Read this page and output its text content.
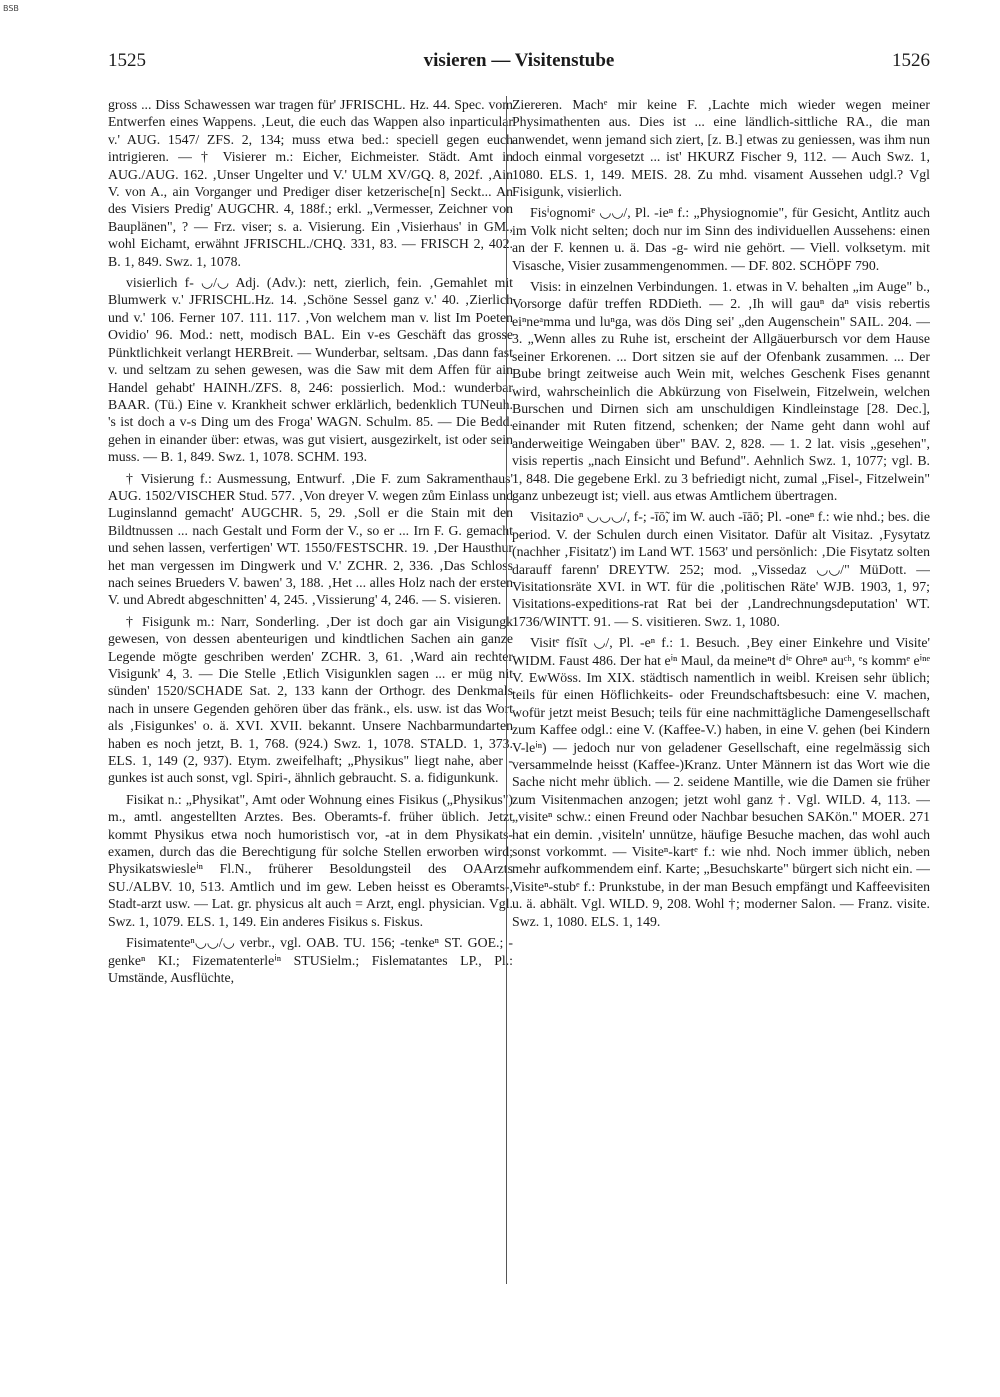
BSB
1525	visieren — Visitenstube	1526

gross ... Diss Schawessen war tragen für' JFRISCHL. Hz. 44. Spec. vom Entwerfen eines Wappens. ‚Leut, die euch das Wappen also inparticular v.' AUG. 1547/ ZFS. 2, 134; muss etwa bed.: speciell gegen euch intrigieren. — † Visierer m.: Eicher, Eichmeister. Städt. Amt in AUG./AUG. 162. ‚Unser Ungelter und V.' ULM XV/GQ. 8, 202f. ‚Ain V. von A., ain Vorganger und Prediger diser ketzerische[n] Seckt... An des Visiers Predig' AUGCHR. 4, 188f.; erkl. „Vermesser, Zeichner von Bauplänen", ? — Frz. viser; s. a. Visierung. Ein ‚Visierhaus' in GM., wohl Eichamt, erwähnt JFRISCHL./CHQ. 331, 83. — FRISCH 2, 402. B. 1, 849. Swz. 1, 1078.

visierlich f- ◡/◡ Adj. (Adv.): nett, zierlich, fein. ‚Gemahlet mit Blumwerk v.' JFRISCHL.Hz. 14. ‚Schöne Sessel ganz v.' 40. ‚Zierlich und v.' 106. Ferner 107. 111. 117. ‚Von welchem man v. list Im Poeten Ovidio' 96. Mod.: nett, modisch BAL. Ein v-es Geschäft das grosse Pünktlichkeit verlangt HERBreit. — Wunderbar, seltsam. ‚Das dann fast v. und seltzam zu sehen gewesen, was die Saw mit dem Affen für ain Handel gehabt' HAINH./ZFS. 8, 246: possierlich. Mod.: wunderbar BAAR. (Tü.) Eine v. Krankheit schwer erklärlich, bedenklich TUNeuh. 's ist doch a v-s Ding um des Froga' WAGN. Schulm. 85. — Die Bedd. gehen in einander über: etwas, was gut visiert, ausgezirkelt, ist oder sein muss. — B. 1, 849. Swz. 1, 1078. SCHM. 193.

† Visierung f.: Ausmessung, Entwurf. ‚Die F. zum Sakramenthaus' AUG. 1502/VISCHER Stud. 577. ‚Von dreyer V. wegen zům Einlass und Luginslannd gemacht' AUGCHR. 5, 29. ‚Soll er die Stain mit den Bildtnussen ... nach Gestalt und Form der V., so er ... Irn F. G. gemacht und sehen lassen, verfertigen' WT. 1550/FESTSCHR. 19. ‚Der Hausthur het man vergessen im Dingwerk und V.' ZCHR. 2, 336. ‚Das Schloss nach seines Brueders V. bawen' 3, 188. ‚Het ... alles Holz nach der ersten V. und Abredt abgeschnitten' 4, 245. ‚Vissierung' 4, 246. — S. visieren.

† Fisigunk m.: Narr, Sonderling. ‚Der ist doch gar ain Visigungk gewesen, von dessen abenteurigen und kindtlichen Sachen ain ganze Legende mögte geschriben werden' ZCHR. 3, 61. ‚Ward ain rechter Visigunk' 4, 3. — Die Stelle ‚Etlich Visigunklen sagen ... er müg nit sünden' 1520/SCHADE Sat. 2, 133 kann der Orthogr. des Denkmals nach in unsere Gegenden gehören über das fränk., els. usw. ist das Wort als ‚Fisigunkes' o. ä. XVI. XVII. bekannt. Unsere Nachbarmundarten haben es noch jetzt, B. 1, 768. (924.) Swz. 1, 1078. STALD. 1, 373. ELS. 1, 149 (2, 937). Etym. zweifelhaft; „Physikus" liegt nahe, aber -gunkes ist auch sonst, vgl. Spiri-, ähnlich gebraucht. S. a. fidigunkunk.

Fisikat n.: „Physikat", Amt oder Wohnung eines Fisikus („Physikus") m., amtl. angestellten Arztes. Bes. Oberamts-f. früher üblich. Jetzt kommt Physikus etwa noch humoristisch vor, -at in dem Physikats-examen, durch das die Berechtigung für solche Stellen erworben wird; Physikatswiesleⁱⁿ Fl.N., früherer Besoldungsteil des OAArzts SU./ALBV. 10, 513. Amtlich und im gew. Leben heisst es Oberamts-, Stadt-arzt usw. — Lat. gr. physicus alt auch = Arzt, engl. physician. Vgl. Swz. 1, 1079. ELS. 1, 149. Ein anderes Fisikus s. Fiskus.

Fisimatenteⁿ◡◡/◡ verbr., vgl. OAB. TU. 156; -tenkeⁿ ST. GOE.; -genkeⁿ KI.; Fizematenterleⁱⁿ STUSielm.; Fislematantes LP., Pl.: Umstände, Ausflüchte,

Ziereren. Machᵉ mir keine F. ‚Lachte mich wieder wegen meiner Physimathenten aus. Dies ist ... eine ländlich-sittliche RA., die man anwendet, wenn jemand sich ziert, [z. B.] etwas zu geniessen, was ihm nun doch einmal vorgesetzt ... ist' HKURZ Fischer 9, 112. — Auch Swz. 1, 1080. ELS. 1, 149. MEIS. 28. Zu mhd. visament Aussehen udgl.? Vgl Fisigunk, visierlich.

Fisⁱognomiᵉ ◡◡/, Pl. -ieⁿ f.: „Physiognomie", für Gesicht, Antlitz auch im Volk nicht selten; doch nur im Sinn des individuellen Aussehens: einen an der F. kennen u. ä. Das -g- wird nie gehört. — Viell. volksetym. mit Visasche, Visier zusammengenommen. — DF. 802. SCHÖPF 790.

Visis: in einzelnen Verbindungen. 1. etwas in V. behalten „im Auge" b., Vorsorge dafür treffen RDDieth. — 2. ‚Ih will gauⁿ daⁿ visis rebertis eiⁿneᵃmma und luⁿga, was dös Ding sei' „den Augenschein" SAIL. 204. — 3. „Wenn alles zu Ruhe ist, erscheint der Allgäuerbursch vor dem Hause seiner Erkorenen. ... Dort sitzen sie auf der Ofenbank zusammen. ... Der Bube bringt zeitweise auch Wein mit, welches Geschenk Fises genannt wird, wahrscheinlich die Abkürzung von Fiselwein, Fitzelwein, welchen Burschen und Dirnen sich am unschuldigen Kindleinstage [28. Dec.], einander mit Ruten fitzend, schenken; der Name geht dann wohl auf anderweitige Weingaben über" BAV. 2, 828. — 1. 2 lat. visis „gesehen", visis repertis „nach Einsicht und Befund". Aehnlich Swz. 1, 1077; vgl. B. 1, 848. Die gegebene Erkl. zu 3 befriedigt nicht, zumal „Fisel-, Fitzelwein" ganz unbezeugt ist; viell. aus etwas Amtlichem übertragen.

Visitazioⁿ ◡◡◡/, f-; -īō̃, im W. auch -īāō; Pl. -oneⁿ f.: wie nhd.; bes. die period. V. der Schulen durch einen Visitator. Dafür alt Visitaz. ‚Fysytatz (nachher ‚Fisitatz') im Land WT. 1563' und persönlich: ‚Die Fisytatz solten darauff farenn' DREYTW. 252; mod. „Vissedaz ◡◡/" MüDott. — Visitationsräte XVI. in WT. für die ‚politischen Räte' WJB. 1903, 1, 97; Visitations-expeditions-rat Rat bei der ‚Landrechnungsdeputation' WT. 1736/WINTT. 91. — S. visitieren. Swz. 1, 1080.

Visitᵉ fĭsīt ◡/, Pl. -eⁿ f.: 1. Besuch. ‚Bey einer Einkehre und Visite' WIDM. Faust 486. Der hat eⁱⁿ Maul, da meineⁿt dⁱᵉ Ohreⁿ auᶜʰ, ᵉs kommᵉ eⁱⁿᵉ V. EwWöss. Im XIX. städtisch namentlich in weibl. Kreisen sehr üblich; teils für einen Höflichkeits- oder Freundschaftsbesuch: eine V. machen, wofür jetzt meist Besuch; teils für eine nachmittägliche Damengesellschaft zum Kaffee odgl.: eine V. (Kaffee-V.) haben, in eine V. gehen (bei Kindern V-leⁱⁿ) — jedoch nur von geladener Gesellschaft, eine regelmässig sich versammelnde heisst (Kaffee-)Kranz. Unter Männern ist das Wort wie die Sache nicht mehr üblich. — 2. seidene Mantille, wie die Damen sie früher zum Visitenmachen anzogen; jetzt wohl ganz †. Vgl. WILD. 4, 113. — „visiteⁿ schw.: einen Freund oder Nachbar besuchen SAKön." MOER. 271 hat ein demin. ‚visiteln' unnütze, häufige Besuche machen, das wohl auch sonst vorkommt. — Visiteⁿ-kartᵉ f.: wie nhd. Noch immer üblich, neben mehr aufkommendem einf. Karte; „Besuchskarte" bürgert sich nicht ein. — Visiteⁿ-stubᵉ f.: Prunkstube, in der man Besuch empfängt und Kaffeevisiten u. ä. abhält. Vgl. WILD. 9, 208. Wohl †; moderner Salon. — Franz. visite. Swz. 1, 1080. ELS. 1, 149.
